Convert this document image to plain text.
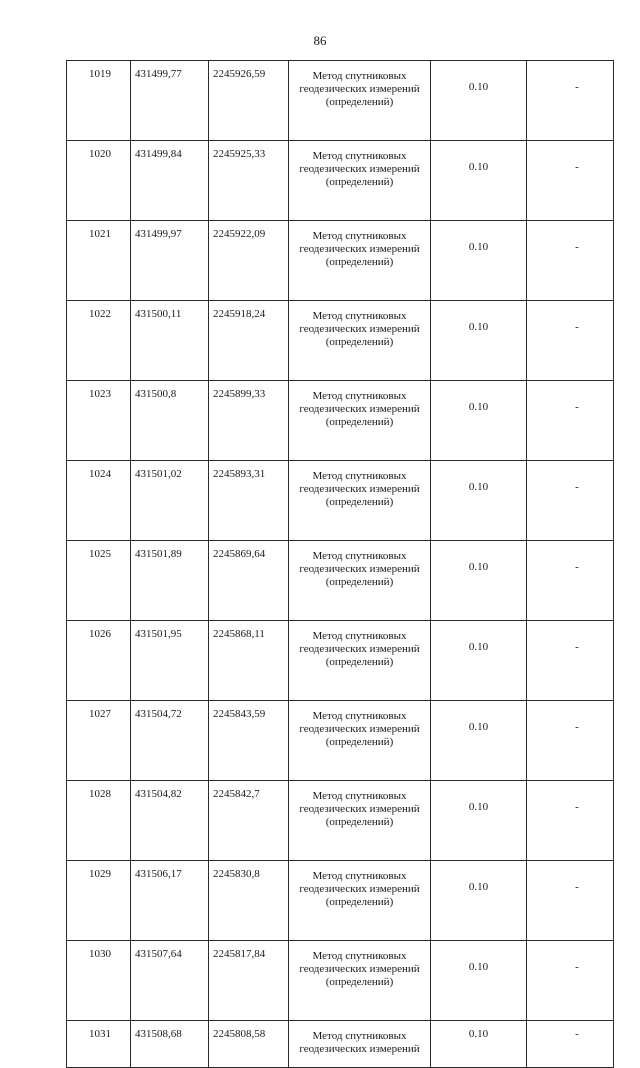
86
1019	431499,77	2245926,59	Метод спутниковых
геодезических измерений
(определений)	0.10	-
1020	431499,84	2245925,33	Метод спутниковых
геодезических измерений
(определений)	0.10	-
1021	431499,97	2245922,09	Метод спутниковых
геодезических измерений
(определений)	0.10	-
1022	431500,11	2245918,24	Метод спутниковых
геодезических измерений
(определений)	0.10	-
1023	431500,8	2245899,33	Метод спутниковых
геодезических измерений
(определений)	0.10	-
1024	431501,02	2245893,31	Метод спутниковых
геодезических измерений
(определений)	0.10	-
1025	431501,89	2245869,64	Метод спутниковых
геодезических измерений
(определений)	0.10	-
1026	431501,95	2245868,11	Метод спутниковых
геодезических измерений
(определений)	0.10	-
1027	431504,72	2245843,59	Метод спутниковых
геодезических измерений
(определений)	0.10	-
1028	431504,82	2245842,7	Метод спутниковых
геодезических измерений
(определений)	0.10	-
1029	431506,17	2245830,8	Метод спутниковых
геодезических измерений
(определений)	0.10	-
1030	431507,64	2245817,84	Метод спутниковых
геодезических измерений
(определений)	0.10	-
1031	431508,68	2245808,58	Метод спутниковых
геодезических измерений	0.10	-
